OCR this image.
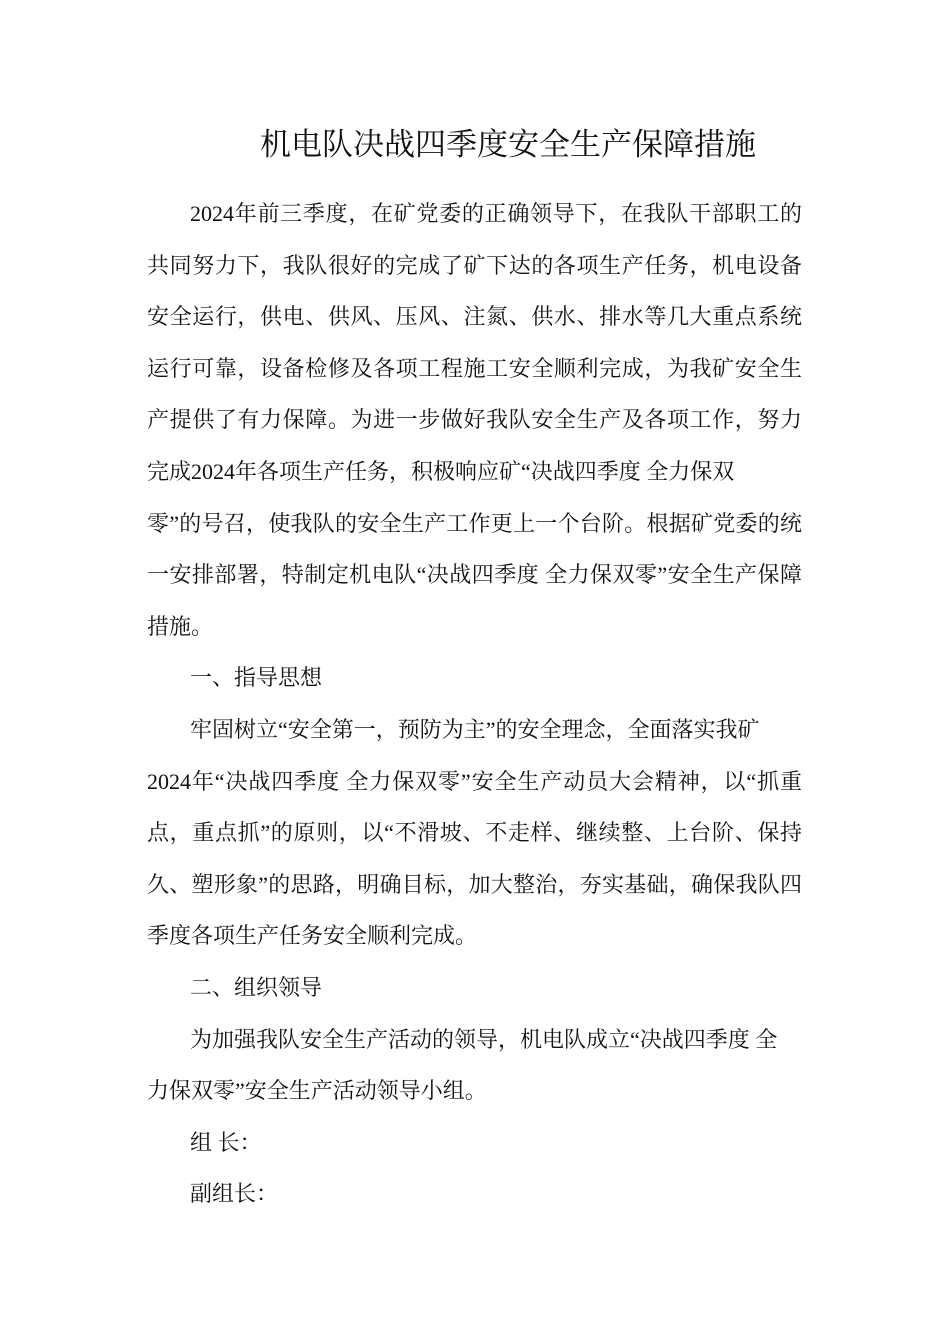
机电队决战四季度安全生产保障措施
2024年前三季度，在矿党委的正确领导下，在我队干部职工的
共同努力下，我队很好的完成了矿下达的各项生产任务，机电设备
安全运行，供电、供风、压风、注氮、供水、排水等几大重点系统
运行可靠，设备检修及各项工程施工安全顺利完成，为我矿安全生
产提供了有力保障。为进一步做好我队安全生产及各项工作，努力
完成2024年各项生产任务，积极响应矿“决战四季度 全力保双
零”的号召，使我队的安全生产工作更上一个台阶。根据矿党委的统
一安排部署，特制定机电队“决战四季度 全力保双零”安全生产保障
措施。
一、指导思想
牢固树立“安全第一，预防为主”的安全理念，全面落实我矿
2024年“决战四季度 全力保双零”安全生产动员大会精神，以“抓重
点，重点抓”的原则，以“不滑坡、不走样、继续整、上台阶、保持
久、塑形象”的思路，明确目标，加大整治，夯实基础，确保我队四
季度各项生产任务安全顺利完成。
二、组织领导
为加强我队安全生产活动的领导，机电队成立“决战四季度 全
力保双零”安全生产活动领导小组。
组 长：
副组长：
